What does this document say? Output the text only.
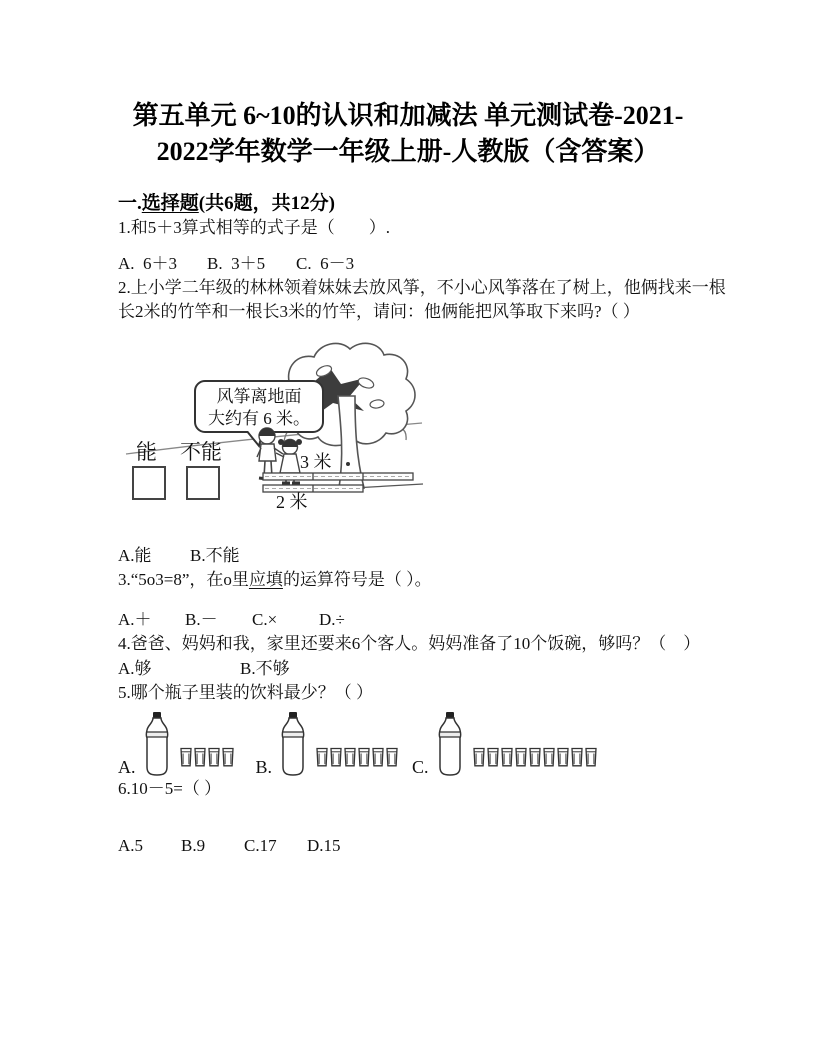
第五单元 6~10的认识和加减法 单元测试卷-2021-
2022学年数学一年级上册-人教版（含答案）
一.选择题(共6题，共12分)

1.和5＋3算式相等的式子是（　　）.

A.  6＋3	B.  3＋5	C.  6－3

2.上小学二年级的林林领着妹妹去放风筝，不小心风筝落在了树上，他俩找来一根
长2米的竹竿和一根长3米的竹竿，请问：他俩能把风筝取下来吗?（ ）

风筝离地面
大约有 6 米。
能 不能	3 米
2 米
A.能	B.不能

3.“5o3=8”，在o里应填的运算符号是（ ）。

A.＋	B.－	C.×	D.÷

4.爸爸、妈妈和我，家里还要来6个客人。妈妈准备了10个饭碗，够吗？（　）

A.够	B.不够

5.哪个瓶子里装的饮料最少？（ ）

A.	B.	C.

6.10－5=（ ）

A.5	B.9	C.17	D.15
